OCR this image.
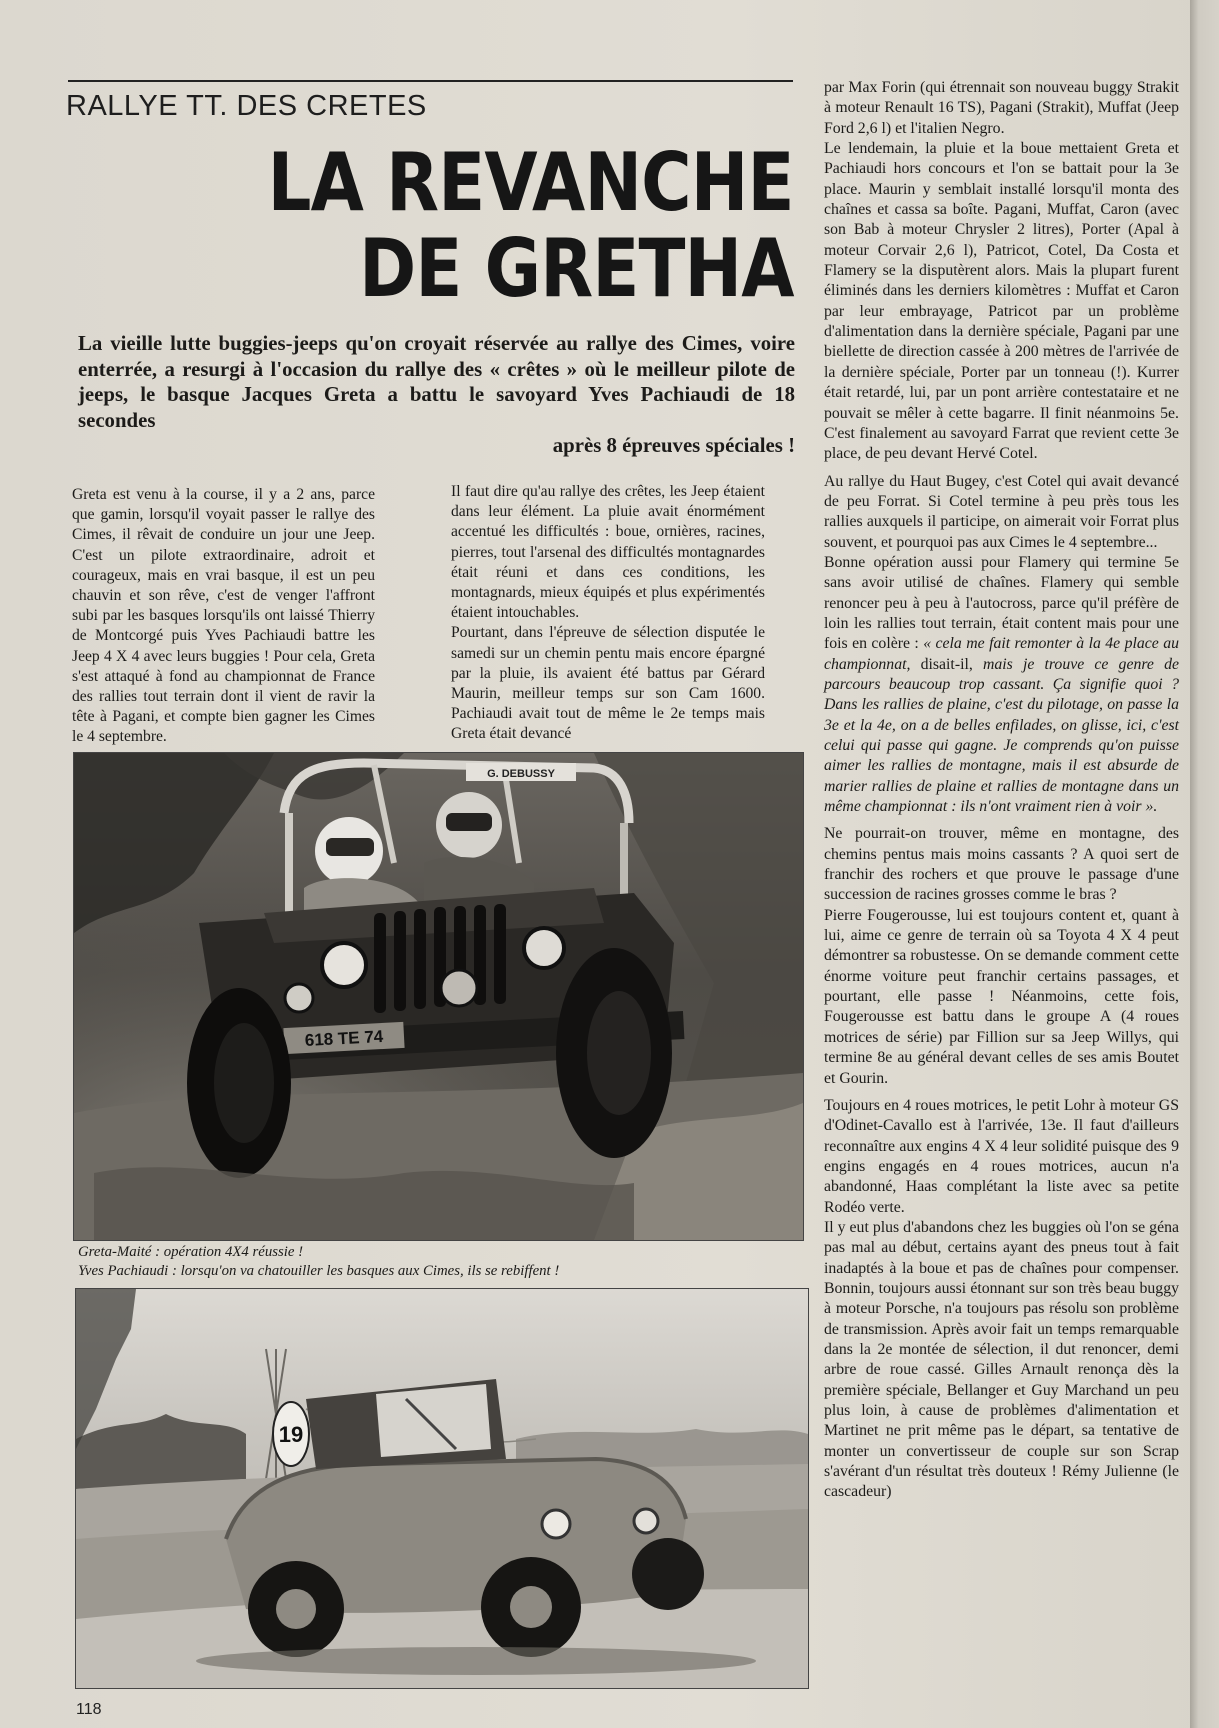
RALLYE TT. DES CRETES
LA REVANCHE
DE GRETHA
La vieille lutte buggies-jeeps qu'on croyait réservée au rallye des Cimes, voire enterrée, a resurgi à l'occasion du rallye des « crêtes » où le meilleur pilote de jeeps, le basque Jacques Greta a battu le savoyard Yves Pachiaudi de 18 secondes
après 8 épreuves spéciales !

Greta est venu à la course, il y a 2 ans, parce que gamin, lorsqu'il voyait passer le rallye des Cimes, il rêvait de conduire un jour une Jeep. C'est un pilote extraordinaire, adroit et courageux, mais en vrai basque, il est un peu chauvin et son rêve, c'est de venger l'affront subi par les basques lorsqu'ils ont laissé Thierry de Montcorgé puis Yves Pachiaudi battre les Jeep 4 X 4 avec leurs buggies ! Pour cela, Greta s'est attaqué à fond au championnat de France des rallies tout terrain dont il vient de ravir la tête à Pagani, et compte bien gagner les Cimes le 4 septembre.

Il faut dire qu'au rallye des crêtes, les Jeep étaient dans leur élément. La pluie avait énormément accentué les difficultés : boue, ornières, racines, pierres, tout l'arsenal des difficultés montagnardes était réuni et dans ces conditions, les montagnards, mieux équipés et plus expérimentés étaient intouchables.

Pourtant, dans l'épreuve de sélection disputée le samedi sur un chemin pentu mais encore épargné par la pluie, ils avaient été battus par Gérard Maurin, meilleur temps sur son Cam 1600. Pachiaudi avait tout de même le 2e temps mais Greta était devancé

par Max Forin (qui étrennait son nouveau buggy Strakit à moteur Renault 16 TS), Pagani (Strakit), Muffat (Jeep Ford 2,6 l) et l'italien Negro.

Le lendemain, la pluie et la boue mettaient Greta et Pachiaudi hors concours et l'on se battait pour la 3e place. Maurin y semblait installé lorsqu'il monta des chaînes et cassa sa boîte. Pagani, Muffat, Caron (avec son Bab à moteur Chrysler 2 litres), Porter (Apal à moteur Corvair 2,6 l), Patricot, Cotel, Da Costa et Flamery se la disputèrent alors. Mais la plupart furent éliminés dans les derniers kilomètres : Muffat et Caron par leur embrayage, Patricot par un problème d'alimentation dans la dernière spéciale, Pagani par une biellette de direction cassée à 200 mètres de l'arrivée de la dernière spéciale, Porter par un tonneau (!). Kurrer était retardé, lui, par un pont arrière contestataire et ne pouvait se mêler à cette bagarre. Il finit néanmoins 5e. C'est finalement au savoyard Farrat que revient cette 3e place, de peu devant Hervé Cotel.

Au rallye du Haut Bugey, c'est Cotel qui avait devancé de peu Forrat. Si Cotel termine à peu près tous les rallies auxquels il participe, on aimerait voir Forrat plus souvent, et pourquoi pas aux Cimes le 4 septembre...

Bonne opération aussi pour Flamery qui termine 5e sans avoir utilisé de chaînes. Flamery qui semble renoncer peu à peu à l'autocross, parce qu'il préfère de loin les rallies tout terrain, était content mais pour une fois en colère : « cela me fait remonter à la 4e place au championnat, disait-il, mais je trouve ce genre de parcours beaucoup trop cassant. Ça signifie quoi ? Dans les rallies de plaine, c'est du pilotage, on passe la 3e et la 4e, on a de belles enfilades, on glisse, ici, c'est celui qui passe qui gagne. Je comprends qu'on puisse aimer les rallies de montagne, mais il est absurde de marier rallies de plaine et rallies de montagne dans un même championnat : ils n'ont vraiment rien à voir ».

Ne pourrait-on trouver, même en montagne, des chemins pentus mais moins cassants ? A quoi sert de franchir des rochers et que prouve le passage d'une succession de racines grosses comme le bras ?

Pierre Fougerousse, lui est toujours content et, quant à lui, aime ce genre de terrain où sa Toyota 4 X 4 peut démontrer sa robustesse. On se demande comment cette énorme voiture peut franchir certains passages, et pourtant, elle passe ! Néanmoins, cette fois, Fougerousse est battu dans le groupe A (4 roues motrices de série) par Fillion sur sa Jeep Willys, qui termine 8e au général devant celles de ses amis Boutet et Gourin.

Toujours en 4 roues motrices, le petit Lohr à moteur GS d'Odinet-Cavallo est à l'arrivée, 13e. Il faut d'ailleurs reconnaître aux engins 4 X 4 leur solidité puisque des 9 engins engagés en 4 roues motrices, aucun n'a abandonné, Haas complétant la liste avec sa petite Rodéo verte.

Il y eut plus d'abandons chez les buggies où l'on se géna pas mal au début, certains ayant des pneus tout à fait inadaptés à la boue et pas de chaînes pour compenser. Bonnin, toujours aussi étonnant sur son très beau buggy à moteur Porsche, n'a toujours pas résolu son problème de transmission. Après avoir fait un temps remarquable dans la 2e montée de sélection, il dut renoncer, demi arbre de roue cassé. Gilles Arnault renonça dès la première spéciale, Bellanger et Guy Marchand un peu plus loin, à cause de problèmes d'alimentation et Martinet ne prit même pas le départ, sa tentative de monter un convertisseur de couple sur son Scrap s'avérant d'un résultat très douteux ! Rémy Julienne (le cascadeur)

G. DEBUSSY
618 TE 74
Greta-Maité : opération 4X4 réussie !
Yves Pachiaudi : lorsqu'on va chatouiller les basques aux Cimes, ils se rebiffent !
19
118
